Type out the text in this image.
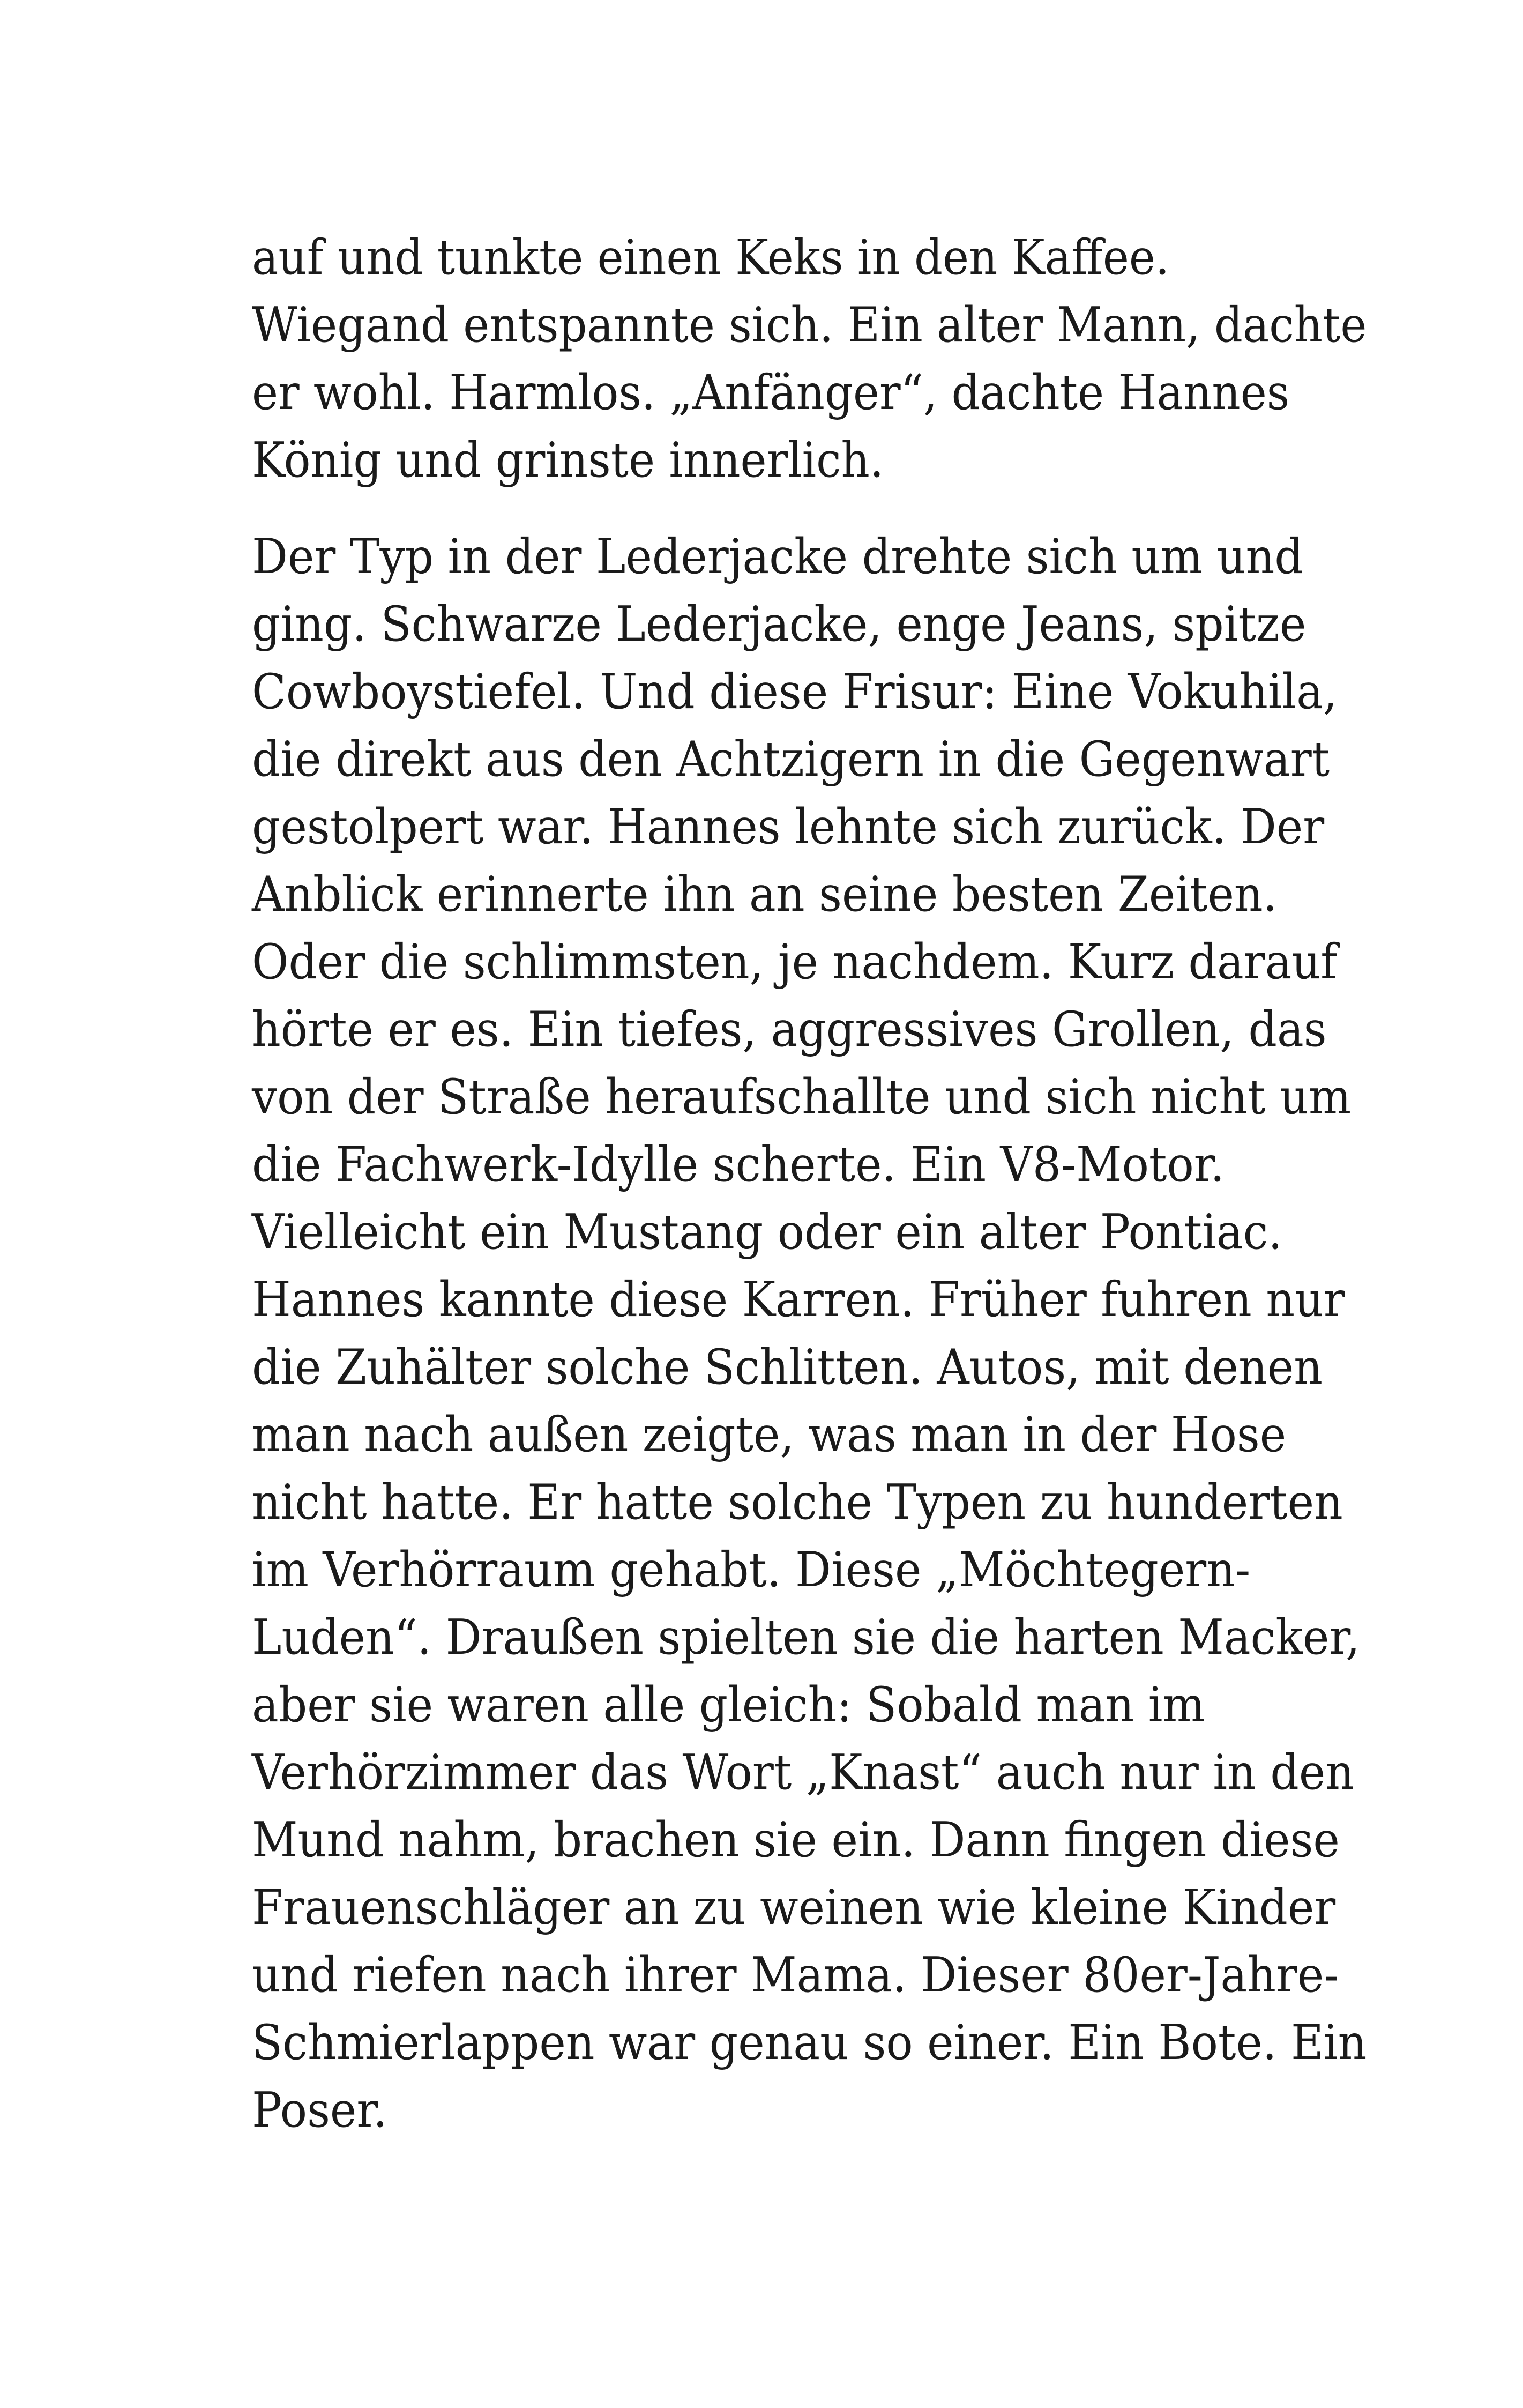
auf und tunkte einen Keks in den Kaffee.
Wiegand entspannte sich. Ein alter Mann, dachte
er wohl. Harmlos. „Anfänger“, dachte Hannes
König und grinste innerlich.
Der Typ in der Lederjacke drehte sich um und
ging. Schwarze Lederjacke, enge Jeans, spitze
Cowboystiefel. Und diese Frisur: Eine Vokuhila,
die direkt aus den Achtzigern in die Gegenwart
gestolpert war. Hannes lehnte sich zurück. Der
Anblick erinnerte ihn an seine besten Zeiten.
Oder die schlimmsten, je nachdem. Kurz darauf
hörte er es. Ein tiefes, aggressives Grollen, das
von der Straße heraufschallte und sich nicht um
die Fachwerk-Idylle scherte. Ein V8-Motor.
Vielleicht ein Mustang oder ein alter Pontiac.
Hannes kannte diese Karren. Früher fuhren nur
die Zuhälter solche Schlitten. Autos, mit denen
man nach außen zeigte, was man in der Hose
nicht hatte. Er hatte solche Typen zu hunderten
im Verhörraum gehabt. Diese „Möchtegern-
Luden“. Draußen spielten sie die harten Macker,
aber sie waren alle gleich: Sobald man im
Verhörzimmer das Wort „Knast“ auch nur in den
Mund nahm, brachen sie ein. Dann fingen diese
Frauenschläger an zu weinen wie kleine Kinder
und riefen nach ihrer Mama. Dieser 80er-Jahre-
Schmierlappen war genau so einer. Ein Bote. Ein
Poser.
